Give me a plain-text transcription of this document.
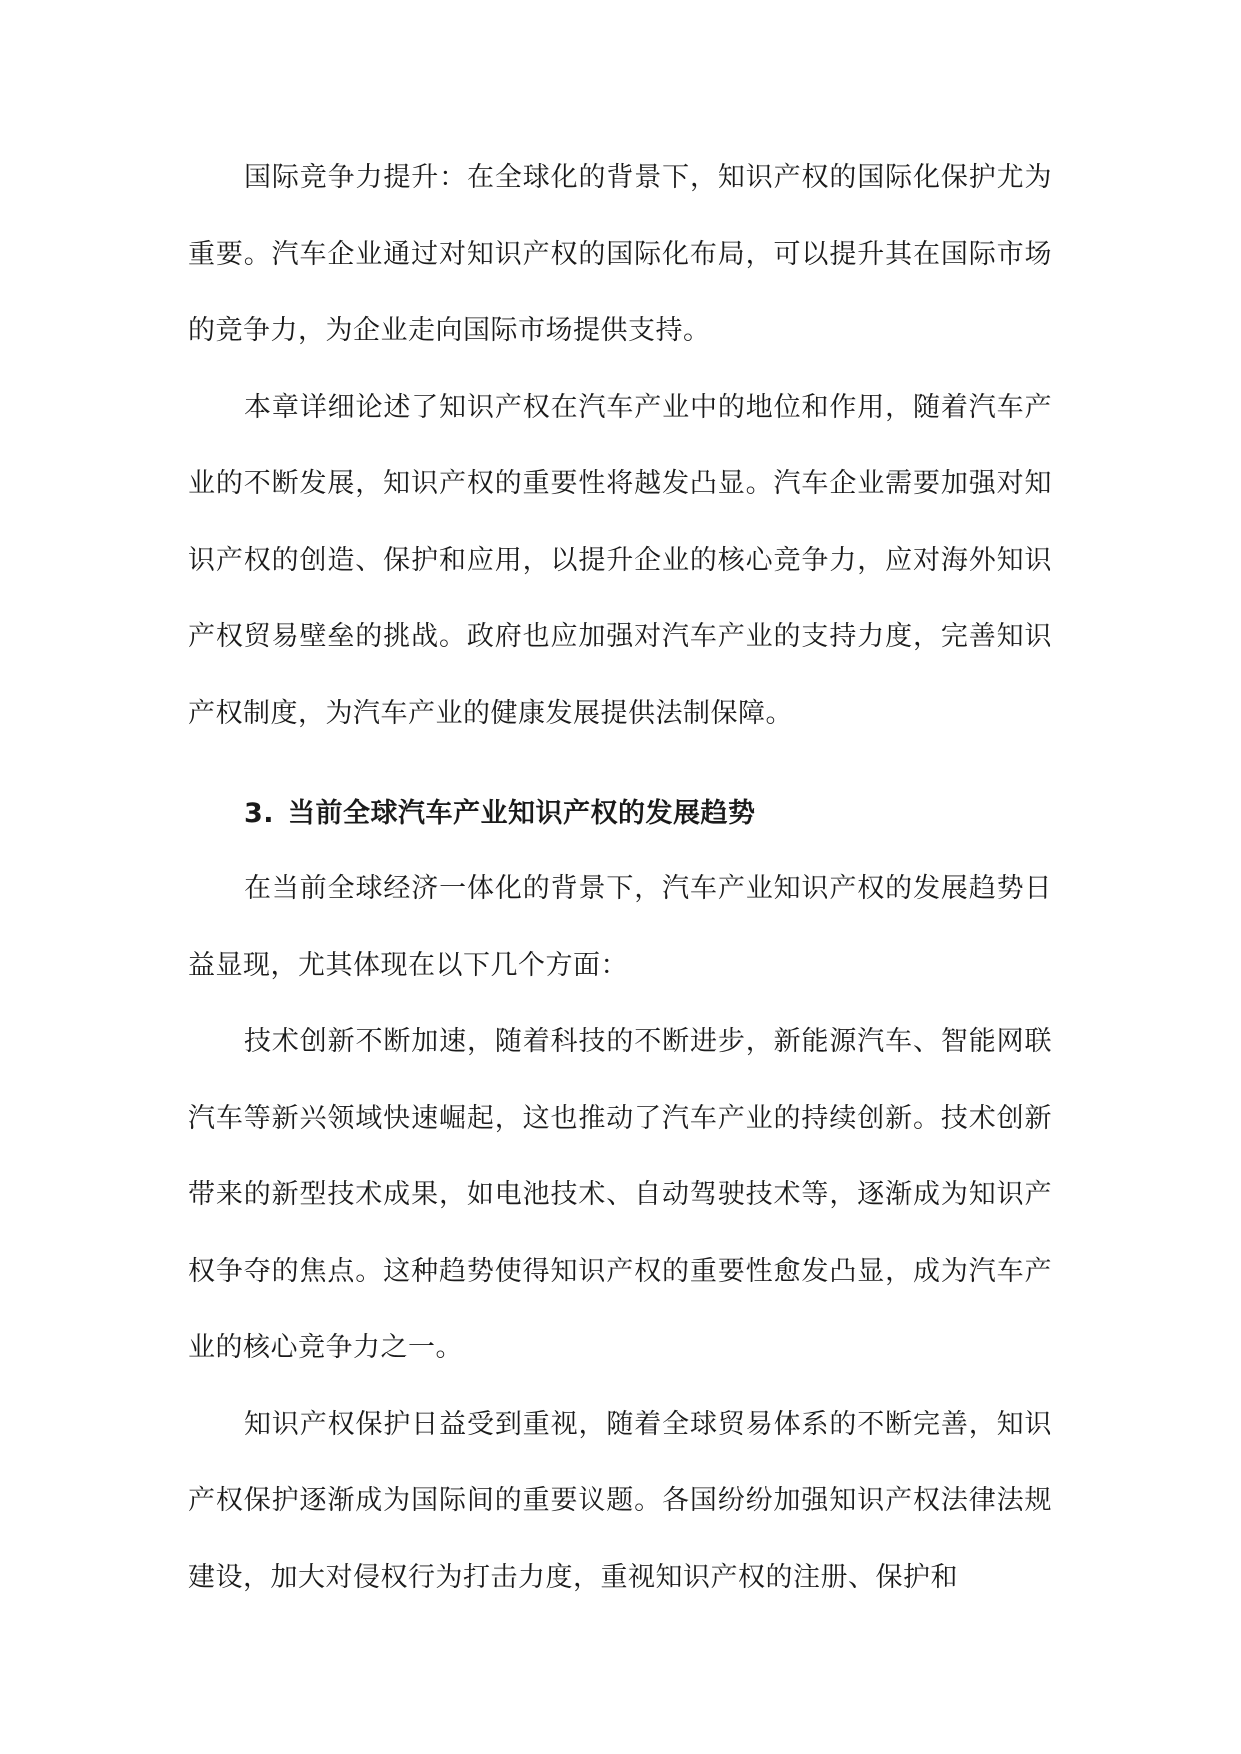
国际竞争力提升：在全球化的背景下，知识产权的国际化保护尤为重要。汽车企业通过对知识产权的国际化布局，可以提升其在国际市场的竞争力，为企业走向国际市场提供支持。

本章详细论述了知识产权在汽车产业中的地位和作用，随着汽车产业的不断发展，知识产权的重要性将越发凸显。汽车企业需要加强对知识产权的创造、保护和应用，以提升企业的核心竞争力，应对海外知识产权贸易壁垒的挑战。政府也应加强对汽车产业的支持力度，完善知识产权制度，为汽车产业的健康发展提供法制保障。

3. 当前全球汽车产业知识产权的发展趋势

在当前全球经济一体化的背景下，汽车产业知识产权的发展趋势日益显现，尤其体现在以下几个方面：

技术创新不断加速，随着科技的不断进步，新能源汽车、智能网联汽车等新兴领域快速崛起，这也推动了汽车产业的持续创新。技术创新带来的新型技术成果，如电池技术、自动驾驶技术等，逐渐成为知识产权争夺的焦点。这种趋势使得知识产权的重要性愈发凸显，成为汽车产业的核心竞争力之一。

知识产权保护日益受到重视，随着全球贸易体系的不断完善，知识产权保护逐渐成为国际间的重要议题。各国纷纷加强知识产权法律法规建设，加大对侵权行为打击力度，重视知识产权的注册、保护和
